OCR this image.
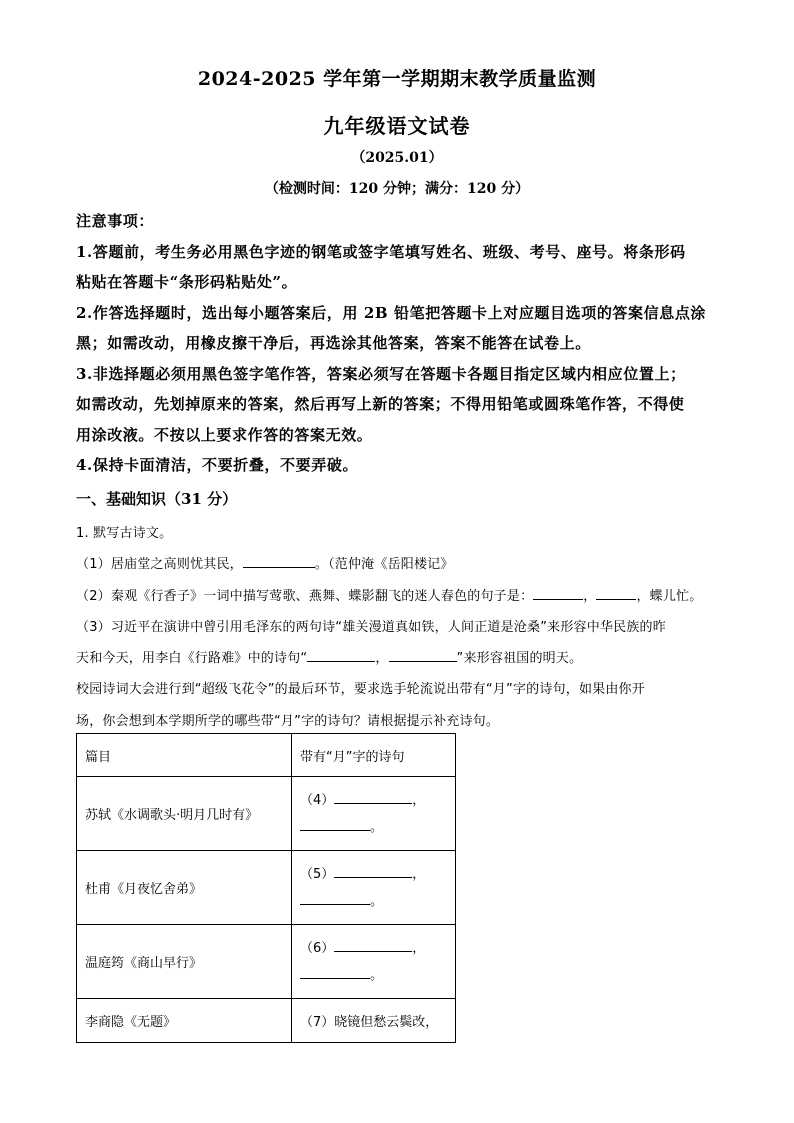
2024-2025 学年第一学期期末教学质量监测
九年级语文试卷
（2025.01）
（检测时间：120 分钟；满分：120 分）

注意事项：

1.答题前，考生务必用黑色字迹的钢笔或签字笔填写姓名、班级、考号、座号。将条形码

粘贴在答题卡“条形码粘贴处”。

2.作答选择题时，选出每小题答案后，用 2B 铅笔把答题卡上对应题目选项的答案信息点涂

黑；如需改动，用橡皮擦干净后，再选涂其他答案，答案不能答在试卷上。

3.非选择题必须用黑色签字笔作答，答案必须写在答题卡各题目指定区域内相应位置上；

如需改动，先划掉原来的答案，然后再写上新的答案；不得用铅笔或圆珠笔作答，不得使

用涂改液。不按以上要求作答的答案无效。

4.保持卡面清洁，不要折叠，不要弄破。

一、基础知识（31 分）

1. 默写古诗文。

（1）居庙堂之高则忧其民，	。（范仲淹《岳阳楼记》

（2）秦观《行香子》一词中描写莺歌、燕舞、蝶影翻飞的迷人春色的句子是：	，	，蝶儿忙。

（3）习近平在演讲中曾引用毛泽东的两句诗“雄关漫道真如铁，人间正道是沧桑”来形容中华民族的昨

天和今天，用李白《行路难》中的诗句“	，	”来形容祖国的明天。

校园诗词大会进行到“超级飞花令”的最后环节，要求选手轮流说出带有“月”字的诗句，如果由你开

场，你会想到本学期所学的哪些带“月”字的诗句？请根据提示补充诗句。

篇目	带有“月”字的诗句
苏轼《水调歌头·明月几时有》	（4） ，
。

杜甫《月夜忆舍弟》	（5） ，
。

温庭筠《商山早行》	（6） ，
。

李商隐《无题》	（7）晓镜但愁云鬓改，
